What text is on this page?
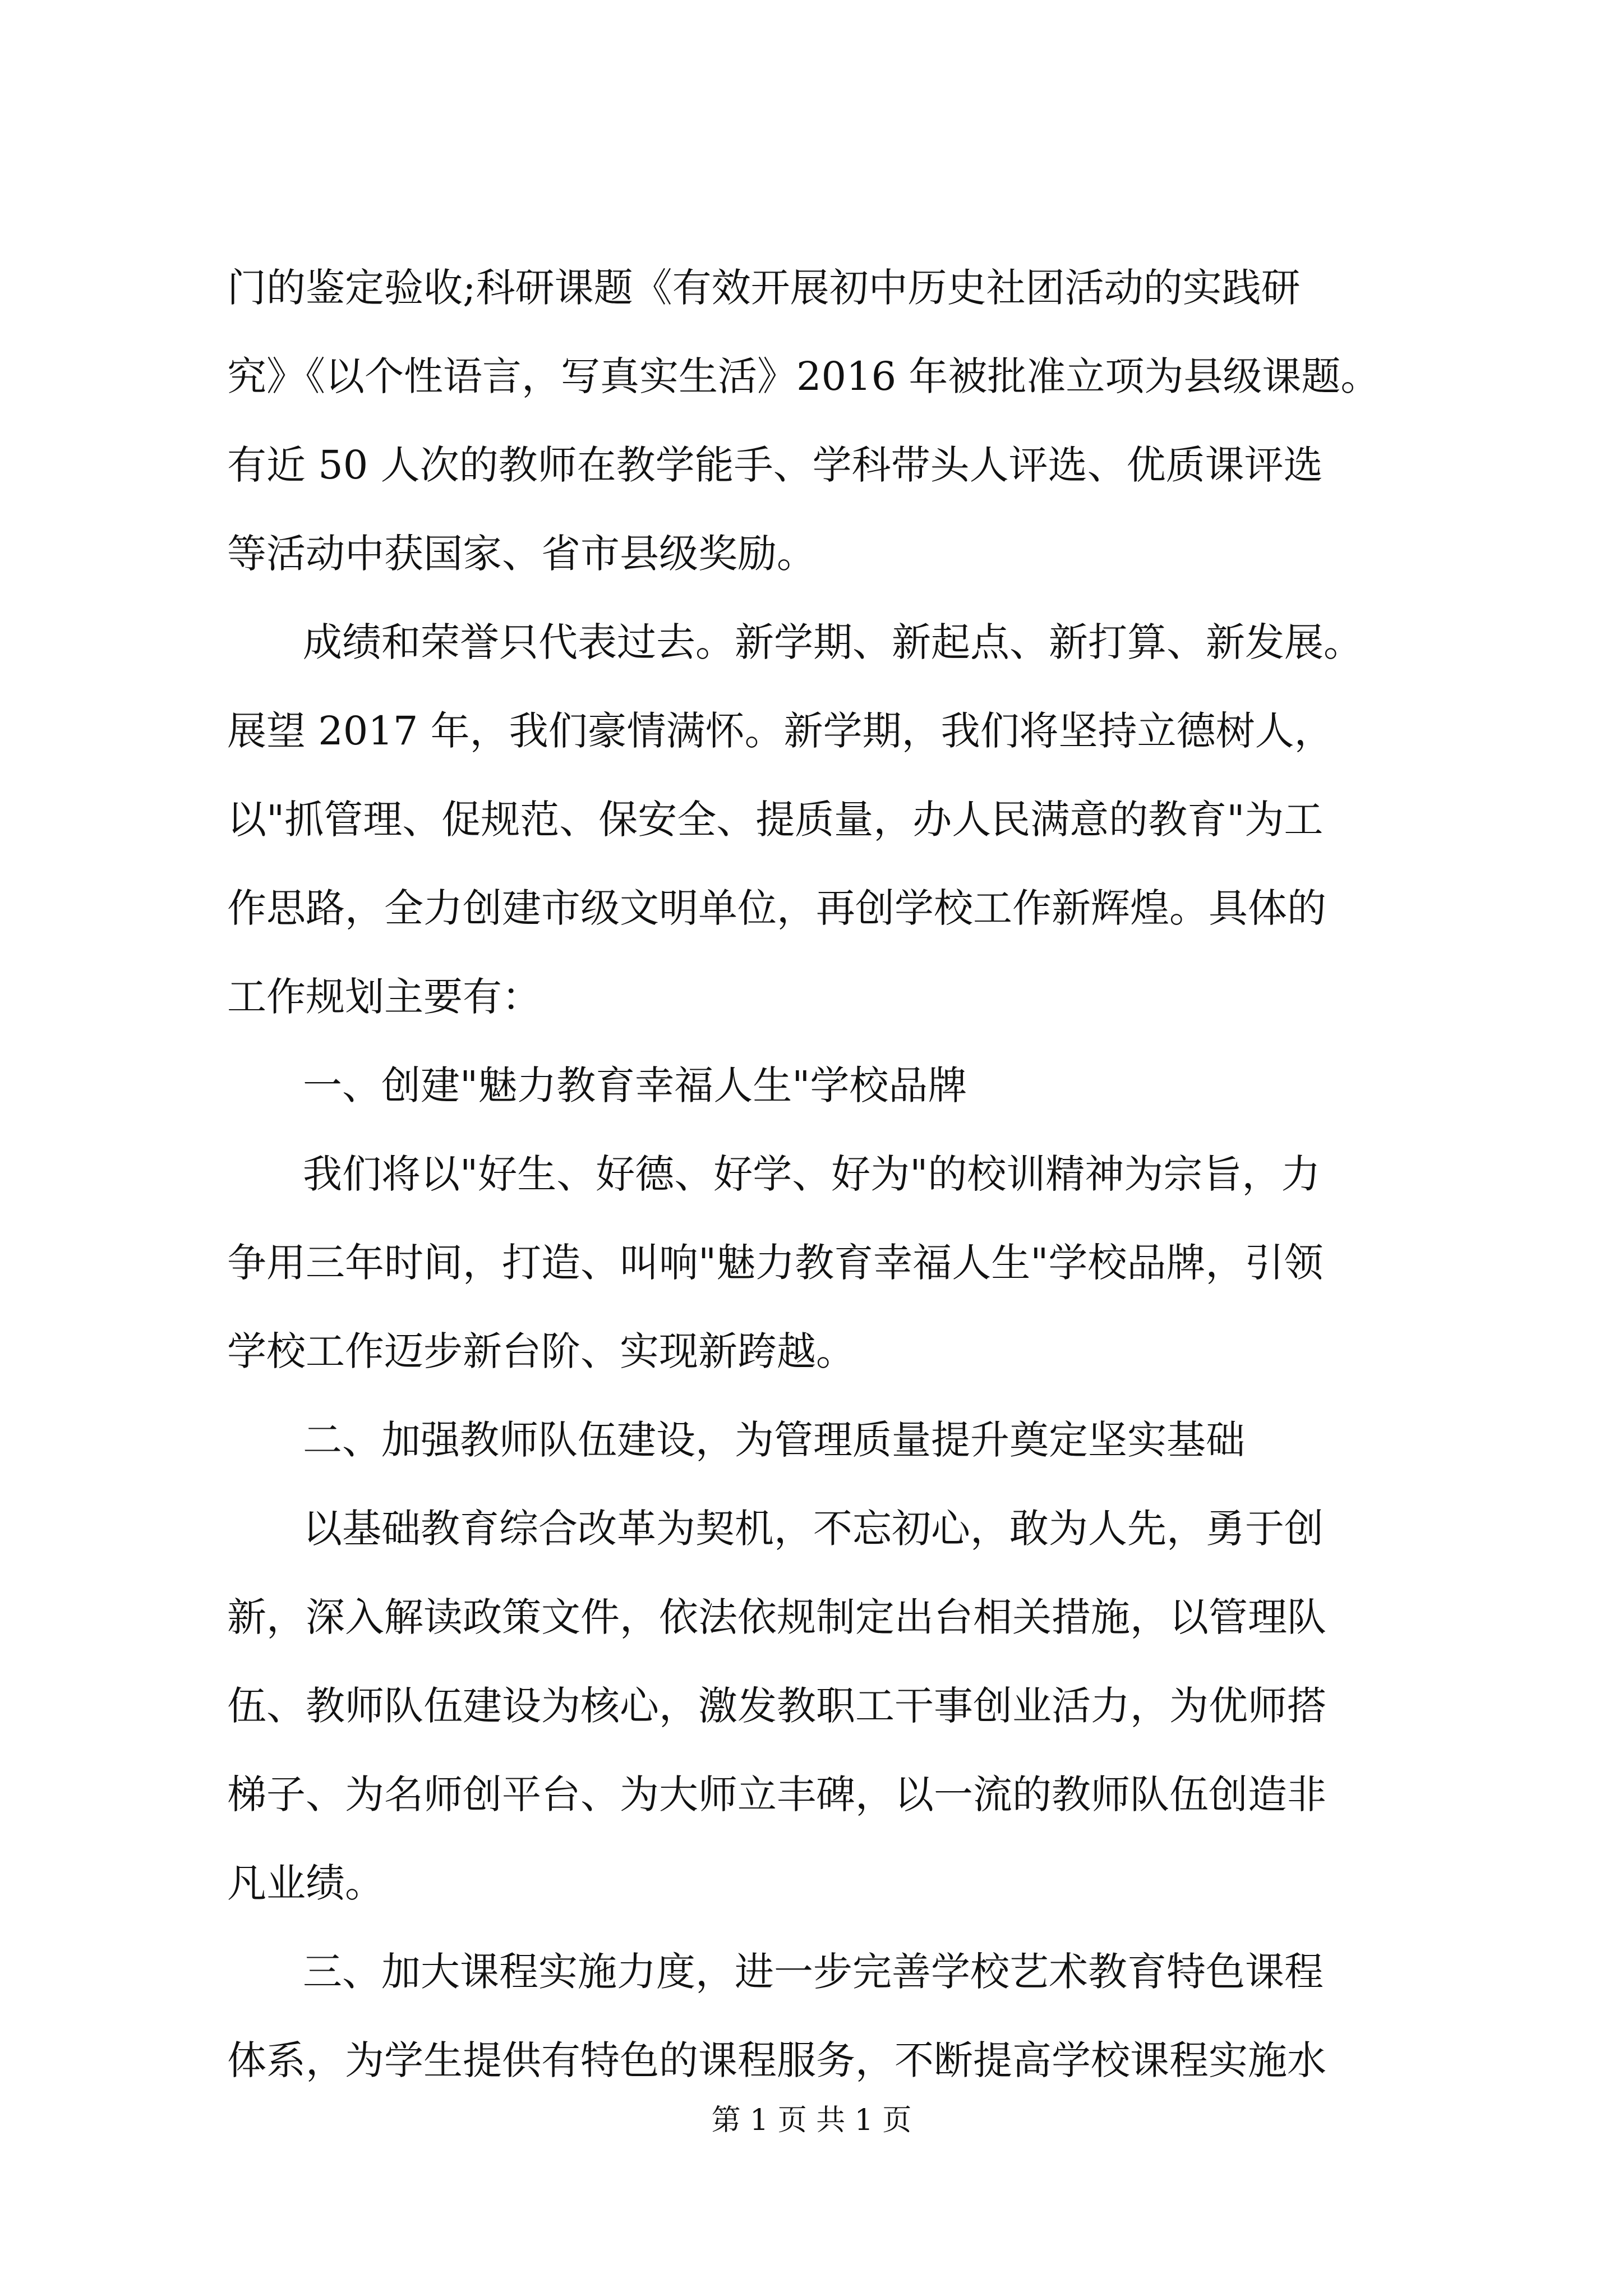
门的鉴定验收;科研课题《有效开展初中历史社团活动的实践研
究》《以个性语言，写真实生活》2016 年被批准立项为县级课题。
有近 50 人次的教师在教学能手、学科带头人评选、优质课评选
等活动中获国家、省市县级奖励。
成绩和荣誉只代表过去。新学期、新起点、新打算、新发展。
展望 2017 年，我们豪情满怀。新学期，我们将坚持立德树人，
以"抓管理、促规范、保安全、提质量，办人民满意的教育"为工
作思路，全力创建市级文明单位，再创学校工作新辉煌。具体的
工作规划主要有：
一、创建"魅力教育幸福人生"学校品牌
我们将以"好生、好德、好学、好为"的校训精神为宗旨，力
争用三年时间，打造、叫响"魅力教育幸福人生"学校品牌，引领
学校工作迈步新台阶、实现新跨越。
二、加强教师队伍建设，为管理质量提升奠定坚实基础
以基础教育综合改革为契机，不忘初心，敢为人先，勇于创
新，深入解读政策文件，依法依规制定出台相关措施，以管理队
伍、教师队伍建设为核心，激发教职工干事创业活力，为优师搭
梯子、为名师创平台、为大师立丰碑，以一流的教师队伍创造非
凡业绩。
三、加大课程实施力度，进一步完善学校艺术教育特色课程
体系，为学生提供有特色的课程服务，不断提高学校课程实施水
第 1 页 共 1 页
